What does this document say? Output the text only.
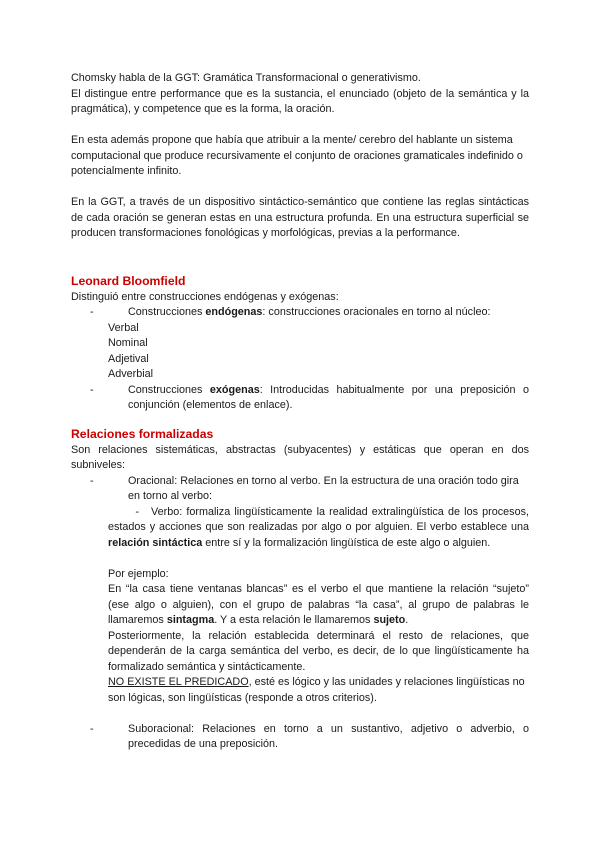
Chomsky habla de la GGT: Gramática Transformacional o generativismo.

El distingue entre performance que es la sustancia, el enunciado (objeto de la semántica y la pragmática), y competence que es la forma, la oración.

En esta además propone que había que atribuir a la mente/ cerebro del hablante un sistema computacional que produce recursivamente el conjunto de oraciones gramaticales indefinido o potencialmente infinito.

En la GGT, a través de un dispositivo sintáctico-semántico que contiene las reglas sintácticas de cada oración se generan estas en una estructura profunda. En una estructura superficial se producen transformaciones fonológicas y morfológicas, previas a la performance.

Leonard Bloomfield

Distinguió entre construcciones endógenas y exógenas:

-	Construcciones endógenas: construcciones oracionales en torno al núcleo:

Verbal

Nominal

Adjetival

Adverbial

-	Construcciones exógenas: Introducidas habitualmente por una preposición o conjunción (elementos de enlace).
Relaciones formalizadas

Son relaciones sistemáticas, abstractas (subyacentes) y estáticas que operan en dos subniveles:

-	Oracional: Relaciones en torno al verbo. En la estructura de una oración todo gira en torno al verbo:
-	Verbo: formaliza lingüísticamente la realidad extralingüística de los procesos, estados y acciones que son realizadas por algo o por alguien. El verbo establece una relación sintáctica entre sí y la formalización lingüística de este algo o alguien.

Por ejemplo:

En “la casa tiene ventanas blancas” es el verbo el que mantiene la relación “sujeto” (ese algo o alguien), con el grupo de palabras “la casa”, al grupo de palabras le llamaremos sintagma. Y a esta relación le llamaremos sujeto.

Posteriormente, la relación establecida determinará el resto de relaciones, que dependerán de la carga semántica del verbo, es decir, de lo que lingüísticamente ha formalizado semántica y sintácticamente.

NO EXISTE EL PREDICADO, esté es lógico y las unidades y relaciones lingüísticas no son lógicas, son lingüísticas (responde a otros criterios).

-	Suboracional: Relaciones en torno a un sustantivo, adjetivo o adverbio, o precedidas de una preposición.
